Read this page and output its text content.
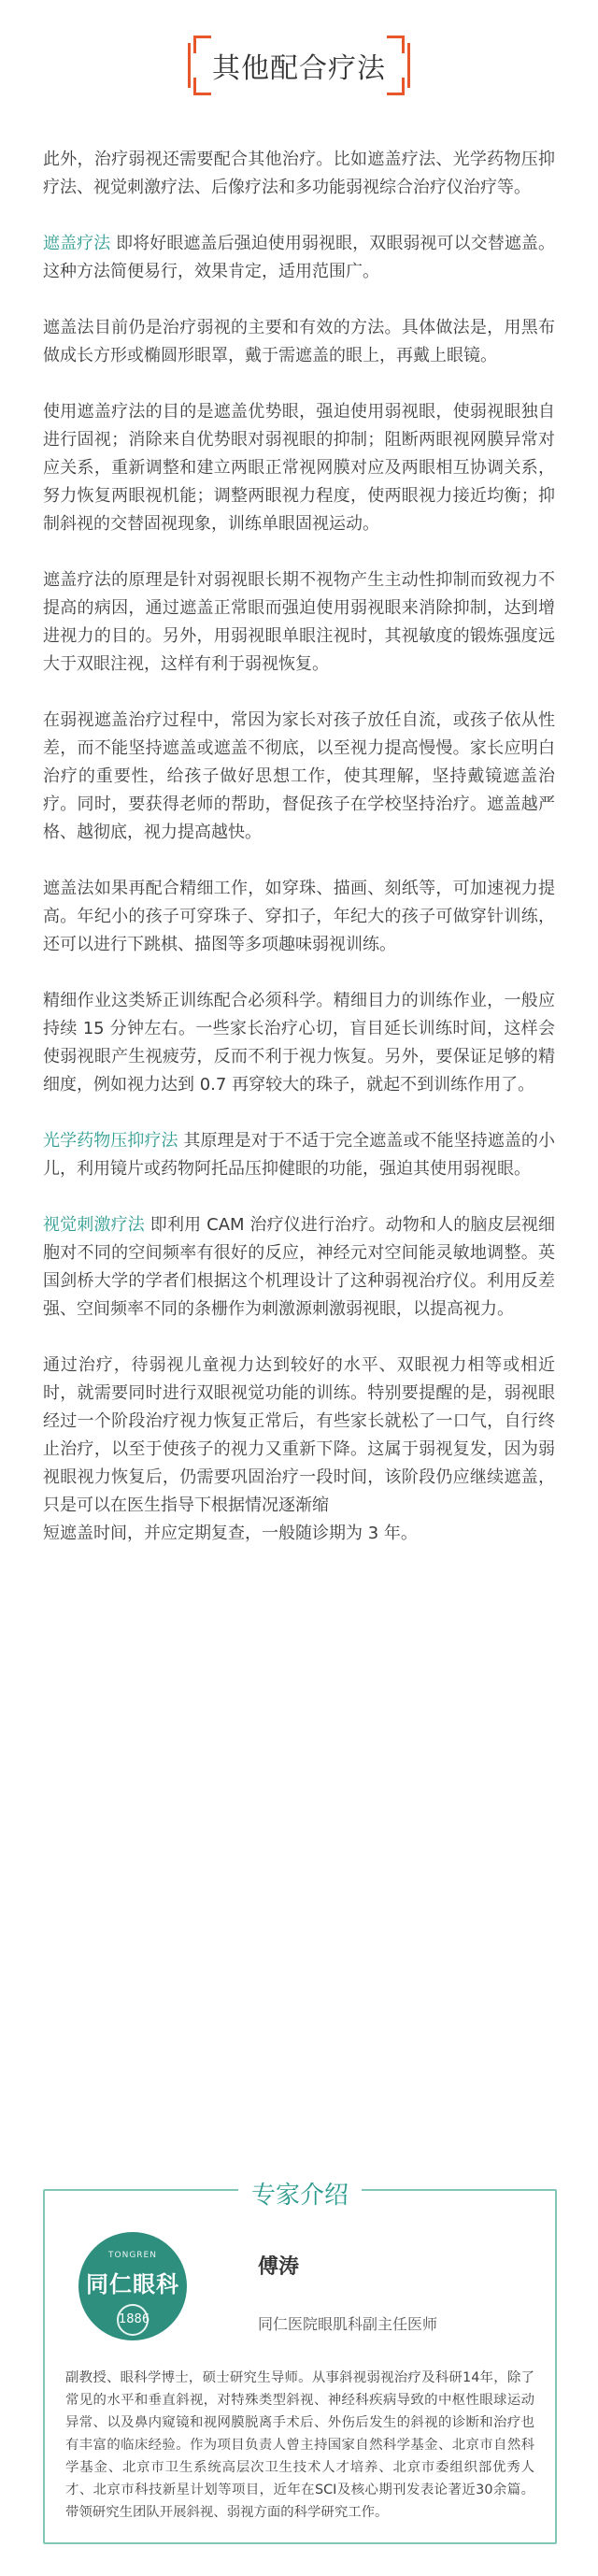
其他配合疗法

此外，治疗弱视还需要配合其他治疗。比如遮盖疗法、光学药物压抑疗法、视觉刺激疗法、后像疗法和多功能弱视综合治疗仪治疗等。

遮盖疗法 即将好眼遮盖后强迫使用弱视眼，双眼弱视可以交替遮盖。这种方法简便易行，效果肯定，适用范围广。

遮盖法目前仍是治疗弱视的主要和有效的方法。具体做法是，用黑布做成长方形或椭圆形眼罩，戴于需遮盖的眼上，再戴上眼镜。

使用遮盖疗法的目的是遮盖优势眼，强迫使用弱视眼，使弱视眼独自进行固视；消除来自优势眼对弱视眼的抑制；阻断两眼视网膜异常对应关系，重新调整和建立两眼正常视网膜对应及两眼相互协调关系，努力恢复两眼视机能；调整两眼视力程度，使两眼视力接近均衡；抑制斜视的交替固视现象，训练单眼固视运动。

遮盖疗法的原理是针对弱视眼长期不视物产生主动性抑制而致视力不提高的病因，通过遮盖正常眼而强迫使用弱视眼来消除抑制，达到增进视力的目的。另外，用弱视眼单眼注视时，其视敏度的锻炼强度远大于双眼注视，这样有利于弱视恢复。

在弱视遮盖治疗过程中，常因为家长对孩子放任自流，或孩子依从性差，而不能坚持遮盖或遮盖不彻底，以至视力提高慢慢。家长应明白治疗的重要性，给孩子做好思想工作，使其理解，坚持戴镜遮盖治疗。同时，要获得老师的帮助，督促孩子在学校坚持治疗。遮盖越严格、越彻底，视力提高越快。

遮盖法如果再配合精细工作，如穿珠、描画、刻纸等，可加速视力提高。年纪小的孩子可穿珠子、穿扣子，年纪大的孩子可做穿针训练，还可以进行下跳棋、描图等多项趣味弱视训练。

精细作业这类矫正训练配合必须科学。精细目力的训练作业，一般应持续 15 分钟左右。一些家长治疗心切，盲目延长训练时间，这样会使弱视眼产生视疲劳，反而不利于视力恢复。另外，要保证足够的精细度，例如视力达到 0.7 再穿较大的珠子，就起不到训练作用了。

光学药物压抑疗法 其原理是对于不适于完全遮盖或不能坚持遮盖的小儿，利用镜片或药物阿托品压抑健眼的功能，强迫其使用弱视眼。

视觉刺激疗法 即利用 CAM 治疗仪进行治疗。动物和人的脑皮层视细胞对不同的空间频率有很好的反应，神经元对空间能灵敏地调整。英国剑桥大学的学者们根据这个机理设计了这种弱视治疗仪。利用反差强、空间频率不同的条栅作为刺激源刺激弱视眼，以提高视力。

通过治疗，待弱视儿童视力达到较好的水平、双眼视力相等或相近时，就需要同时进行双眼视觉功能的训练。特别要提醒的是，弱视眼经过一个阶段治疗视力恢复正常后，有些家长就松了一口气，自行终止治疗，以至于使孩子的视力又重新下降。这属于弱视复发，因为弱视眼视力恢复后，仍需要巩固治疗一段时间，该阶段仍应继续遮盖，只是可以在医生指导下根据情况逐渐缩

短遮盖时间，并应定期复查，一般随诊期为 3 年。

专家介绍
TONGREN
同仁眼科
1886
傅涛
同仁医院眼肌科副主任医师
副教授、眼科学博士，硕士研究生导师。从事斜视弱视治疗及科研14年，除了常见的水平和垂直斜视，对特殊类型斜视、神经科疾病导致的中枢性眼球运动异常、以及鼻内窥镜和视网膜脱离手术后、外伤后发生的斜视的诊断和治疗也有丰富的临床经验。作为项目负责人曾主持国家自然科学基金、北京市自然科学基金、北京市卫生系统高层次卫生技术人才培养、北京市委组织部优秀人才、北京市科技新星计划等项目，近年在SCI及核心期刊发表论著近30余篇。带领研究生团队开展斜视、弱视方面的科学研究工作。
